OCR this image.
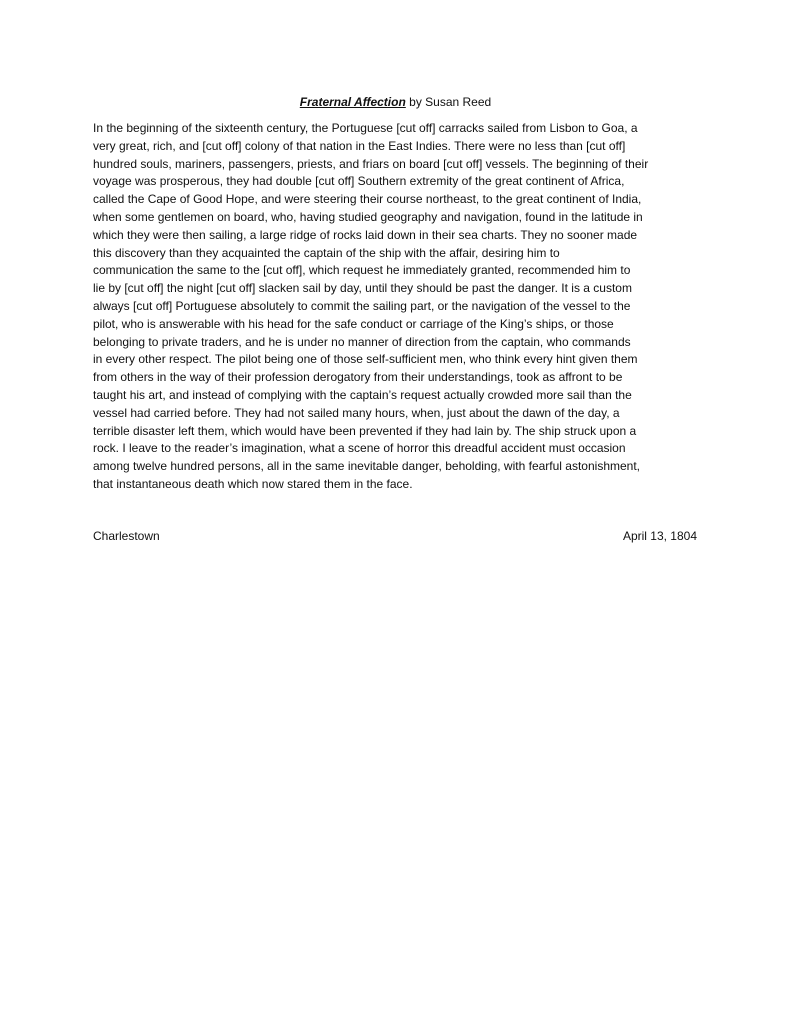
Fraternal Affection by Susan Reed

In the beginning of the sixteenth century, the Portuguese [cut off] carracks sailed from Lisbon to Goa, a
very great, rich, and [cut off] colony of that nation in the East Indies. There were no less than [cut off]
hundred souls, mariners, passengers, priests, and friars on board [cut off] vessels. The beginning of their
voyage was prosperous, they had double [cut off] Southern extremity of the great continent of Africa,
called the Cape of Good Hope, and were steering their course northeast, to the great continent of India,
when some gentlemen on board, who, having studied geography and navigation, found in the latitude in
which they were then sailing, a large ridge of rocks laid down in their sea charts. They no sooner made
this discovery than they acquainted the captain of the ship with the affair, desiring him to
communication the same to the [cut off], which request he immediately granted, recommended him to
lie by [cut off] the night [cut off] slacken sail by day, until they should be past the danger. It is a custom
always [cut off] Portuguese absolutely to commit the sailing part, or the navigation of the vessel to the
pilot, who is answerable with his head for the safe conduct or carriage of the King’s ships, or those
belonging to private traders, and he is under no manner of direction from the captain, who commands
in every other respect. The pilot being one of those self-sufficient men, who think every hint given them
from others in the way of their profession derogatory from their understandings, took as affront to be
taught his art, and instead of complying with the captain’s request actually crowded more sail than the
vessel had carried before. They had not sailed many hours, when, just about the dawn of the day, a
terrible disaster left them, which would have been prevented if they had lain by. The ship struck upon a
rock. I leave to the reader’s imagination, what a scene of horror this dreadful accident must occasion
among twelve hundred persons, all in the same inevitable danger, beholding, with fearful astonishment,
that instantaneous death which now stared them in the face.

Charlestown	April 13, 1804
